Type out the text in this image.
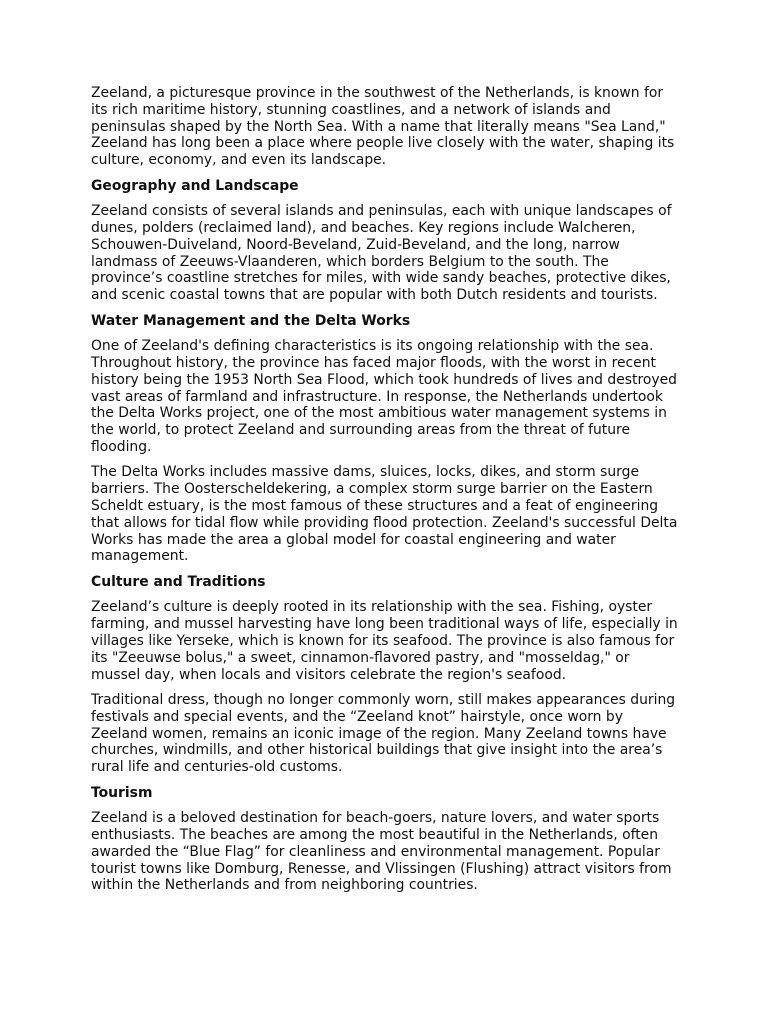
Zeeland, a picturesque province in the southwest of the Netherlands, is known for its rich maritime history, stunning coastlines, and a network of islands and peninsulas shaped by the North Sea. With a name that literally means "Sea Land," Zeeland has long been a place where people live closely with the water, shaping its culture, economy, and even its landscape.

Geography and Landscape

Zeeland consists of several islands and peninsulas, each with unique landscapes of dunes, polders (reclaimed land), and beaches. Key regions include Walcheren, Schouwen-Duiveland, Noord-Beveland, Zuid-Beveland, and the long, narrow landmass of Zeeuws-Vlaanderen, which borders Belgium to the south. The province’s coastline stretches for miles, with wide sandy beaches, protective dikes, and scenic coastal towns that are popular with both Dutch residents and tourists.

Water Management and the Delta Works

One of Zeeland's defining characteristics is its ongoing relationship with the sea. Throughout history, the province has faced major floods, with the worst in recent history being the 1953 North Sea Flood, which took hundreds of lives and destroyed vast areas of farmland and infrastructure. In response, the Netherlands undertook the Delta Works project, one of the most ambitious water management systems in the world, to protect Zeeland and surrounding areas from the threat of future flooding.

The Delta Works includes massive dams, sluices, locks, dikes, and storm surge barriers. The Oosterscheldekering, a complex storm surge barrier on the Eastern Scheldt estuary, is the most famous of these structures and a feat of engineering that allows for tidal flow while providing flood protection. Zeeland's successful Delta Works has made the area a global model for coastal engineering and water management.

Culture and Traditions

Zeeland’s culture is deeply rooted in its relationship with the sea. Fishing, oyster farming, and mussel harvesting have long been traditional ways of life, especially in villages like Yerseke, which is known for its seafood. The province is also famous for its "Zeeuwse bolus," a sweet, cinnamon-flavored pastry, and "mosseldag," or mussel day, when locals and visitors celebrate the region's seafood.

Traditional dress, though no longer commonly worn, still makes appearances during festivals and special events, and the “Zeeland knot” hairstyle, once worn by Zeeland women, remains an iconic image of the region. Many Zeeland towns have churches, windmills, and other historical buildings that give insight into the area’s rural life and centuries-old customs.

Tourism

Zeeland is a beloved destination for beach-goers, nature lovers, and water sports enthusiasts. The beaches are among the most beautiful in the Netherlands, often awarded the “Blue Flag” for cleanliness and environmental management. Popular tourist towns like Domburg, Renesse, and Vlissingen (Flushing) attract visitors from within the Netherlands and from neighboring countries.
